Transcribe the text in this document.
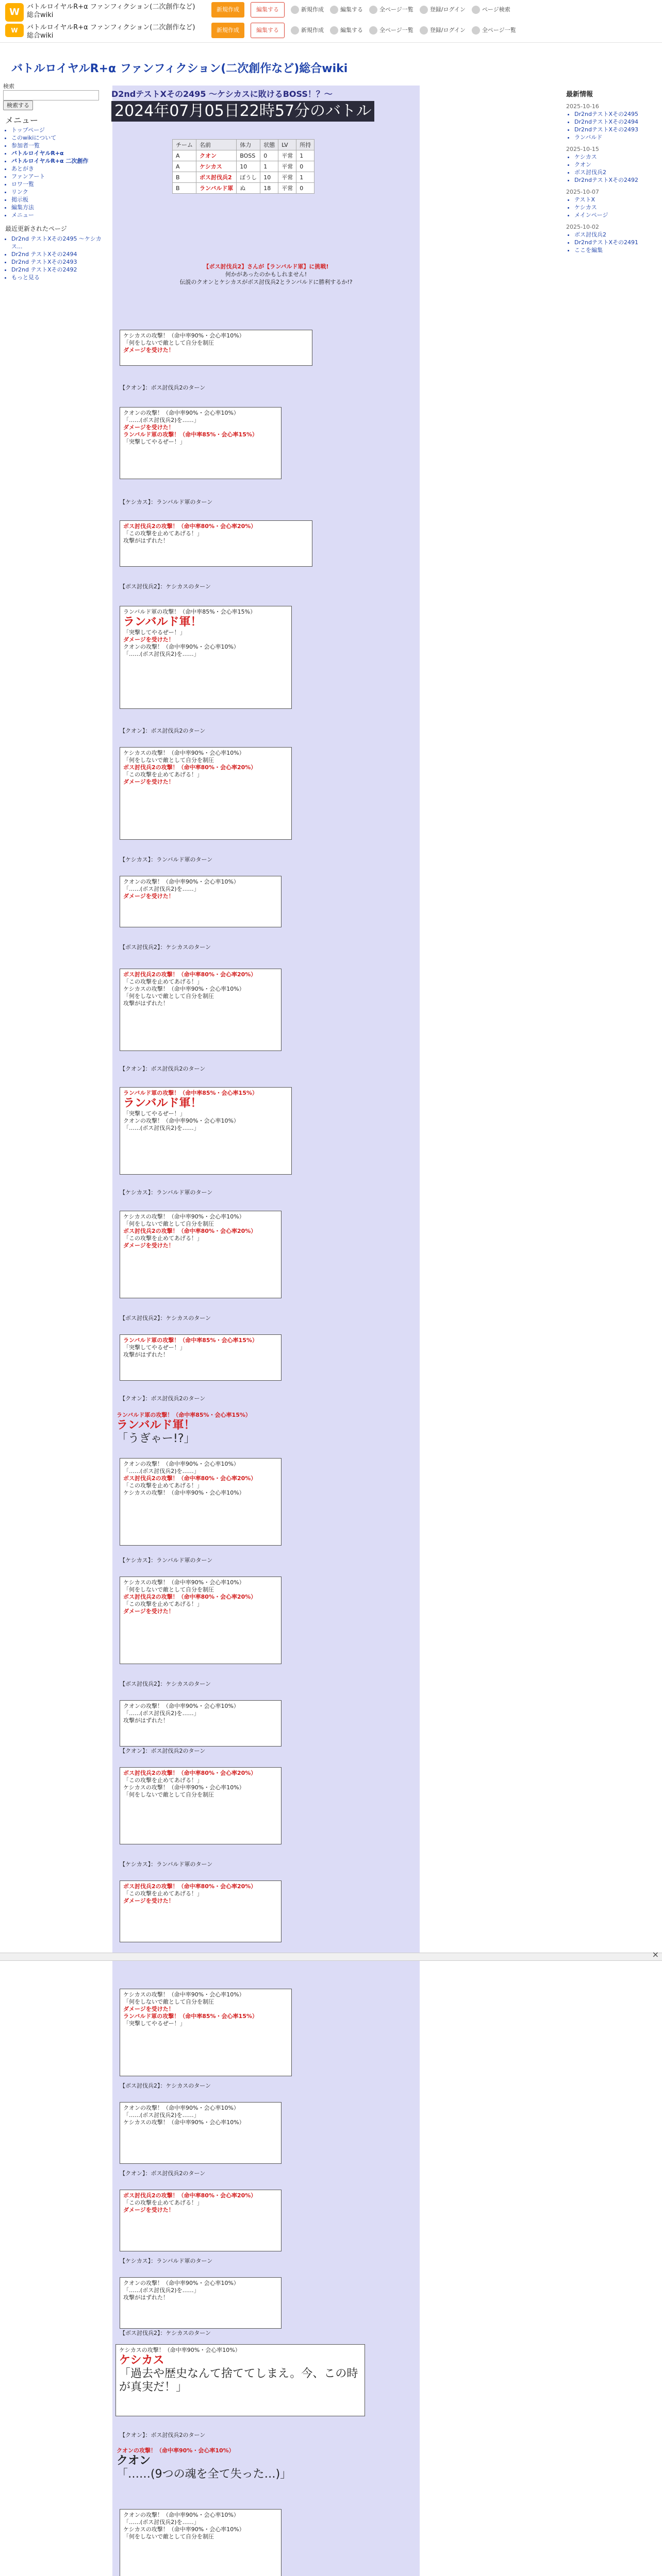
W	バトルロイヤルR+α ファンフィクション(二次創作など)総合wiki
W	バトルロイヤルR+α ファンフィクション(二次創作など)総合wiki
新規作成	編集する	新規作成	編集する	全ページ一覧	登録/ログイン	ページ検索
新規作成	編集する	新規作成	編集する	全ページ一覧	登録/ログイン	全ページ一覧
バトルロイヤルR+α ファンフィクション(二次創作など)総合wiki
検索
検索する
メニュー
• トップページ
• このwikiについて
• 参加者一覧
• バトルロイヤルR+α
• バトルロイヤルR+α 二次創作
• あとがき
• ファンアート
• ロワ一覧
• リンク
• 掲示板
• 編集方法
• メニュー
最近更新されたページ
• Dr2nd テストXその2495 ～ケシカス...
• Dr2nd テストXその2494
• Dr2nd テストXその2493
• Dr2nd テストXその2492
• もっと見る
最新情報
2025-10-16
• Dr2ndテストXその2495
• Dr2ndテストXその2494
• Dr2ndテストXその2493
• ランバルド
2025-10-15
• ケシカス
• クオン
• ボス討伐兵2
• Dr2ndテストXその2492
2025-10-07
• テストX
• ケシカス
• メインページ
2025-10-02
• ボス討伐兵2
• Dr2ndテストXその2491
• ここを編集
D2ndテストXその2495 ～ケシカスに敗けるBOSS！？～
2024年07月05日22時57分のバトル
チーム	名前	体力	状態	LV	所持
A	クオン	BOSS	0	平常	1
A	ケシカス	10	1	平常	0
B	ボス討伐兵2	ぼうし	10	平常	1
B	ランバルド軍	ぬ	18	平常	0
【ボス討伐兵2】さんが【ランバルド軍】に挑戦!
何かがあったのかもしれません!
伝説のクオンとケシカスがボス討伐兵2とランバルドに勝利するか!?
ケシカスの攻撃！（命中率90%・会心率10%）
「何をしないで敵として自分を制圧
ダメージを受けた！
【クオン】：ボス討伐兵2のターン
クオンの攻撃！（命中率90%・会心率10%）
「……(ボス討伐兵2)を……」
ダメージを受けた！
ランバルド軍の攻撃！（命中率85%・会心率15%）
「突撃してやるぜー！」
【ケシカス】：ランバルド軍のターン
ボス討伐兵2の攻撃！（命中率80%・会心率20%）
「この攻撃を止めてあげる！」
攻撃がはずれた！
【ボス討伐兵2】：ケシカスのターン
ランバルド軍の攻撃！（命中率85%・会心率15%）
ランバルド軍！
「突撃してやるぜー！」
ダメージを受けた！
クオンの攻撃！（命中率90%・会心率10%）
「……(ボス討伐兵2)を……」
【クオン】：ボス討伐兵2のターン
ケシカスの攻撃！（命中率90%・会心率10%）
「何をしないで敵として自分を制圧
ボス討伐兵2の攻撃！（命中率80%・会心率20%）
「この攻撃を止めてあげる！」
ダメージを受けた！
【ケシカス】：ランバルド軍のターン
クオンの攻撃！（命中率90%・会心率10%）
「……(ボス討伐兵2)を……」
ダメージを受けた！
【ボス討伐兵2】：ケシカスのターン
ボス討伐兵2の攻撃！（命中率80%・会心率20%）
「この攻撃を止めてあげる！」
ケシカスの攻撃！（命中率90%・会心率10%）
「何をしないで敵として自分を制圧
攻撃がはずれた！
【クオン】：ボス討伐兵2のターン
ランバルド軍の攻撃！（命中率85%・会心率15%）
ランバルド軍！
「突撃してやるぜー！」
クオンの攻撃！（命中率90%・会心率10%）
「……(ボス討伐兵2)を……」
【ケシカス】：ランバルド軍のターン
ケシカスの攻撃！（命中率90%・会心率10%）
「何をしないで敵として自分を制圧
ボス討伐兵2の攻撃！（命中率80%・会心率20%）
「この攻撃を止めてあげる！」
ダメージを受けた！
【ボス討伐兵2】：ケシカスのターン
ランバルド軍の攻撃！（命中率85%・会心率15%）
「突撃してやるぜー！」
攻撃がはずれた！
【クオン】：ボス討伐兵2のターン
ランバルド軍の攻撃！（命中率85%・会心率15%）
ランバルド軍！
「うぎゃー!?」
クオンの攻撃！（命中率90%・会心率10%）
「……(ボス討伐兵2)を……」
ボス討伐兵2の攻撃！（命中率80%・会心率20%）
「この攻撃を止めてあげる！」
ケシカスの攻撃！（命中率90%・会心率10%）
【ケシカス】：ランバルド軍のターン
ケシカスの攻撃！（命中率90%・会心率10%）
「何をしないで敵として自分を制圧
ボス討伐兵2の攻撃！（命中率80%・会心率20%）
「この攻撃を止めてあげる！」
ダメージを受けた！
【ボス討伐兵2】：ケシカスのターン
クオンの攻撃！（命中率90%・会心率10%）
「……(ボス討伐兵2)を……」
攻撃がはずれた！
【クオン】：ボス討伐兵2のターン
ボス討伐兵2の攻撃！（命中率80%・会心率20%）
「この攻撃を止めてあげる！」
ケシカスの攻撃！（命中率90%・会心率10%）
「何をしないで敵として自分を制圧
【ケシカス】：ランバルド軍のターン
ボス討伐兵2の攻撃！（命中率80%・会心率20%）
「この攻撃を止めてあげる！」
ダメージを受けた！
×
ケシカスの攻撃！（命中率90%・会心率10%）
「何をしないで敵として自分を制圧
ダメージを受けた！
ランバルド軍の攻撃！（命中率85%・会心率15%）
「突撃してやるぜー！」
【ボス討伐兵2】：ケシカスのターン
クオンの攻撃！（命中率90%・会心率10%）
「……(ボス討伐兵2)を……」
ケシカスの攻撃！（命中率90%・会心率10%）
【クオン】：ボス討伐兵2のターン
ボス討伐兵2の攻撃！（命中率80%・会心率20%）
「この攻撃を止めてあげる！」
ダメージを受けた！
【ケシカス】：ランバルド軍のターン
クオンの攻撃！（命中率90%・会心率10%）
「……(ボス討伐兵2)を……」
攻撃がはずれた！
【ボス討伐兵2】：ケシカスのターン
ケシカスの攻撃！（命中率90%・会心率10%）
ケシカス
「過去や歴史なんて捨ててしまえ。今、この時が真実だ！」
【クオン】：ボス討伐兵2のターン
クオンの攻撃！（命中率90%・会心率10%）
クオン
「……(9つの魂を全て失った…)」
クオンの攻撃！（命中率90%・会心率10%）
「……(ボス討伐兵2)を……」
ケシカスの攻撃！（命中率90%・会心率10%）
「何をしないで敵として自分を制圧
